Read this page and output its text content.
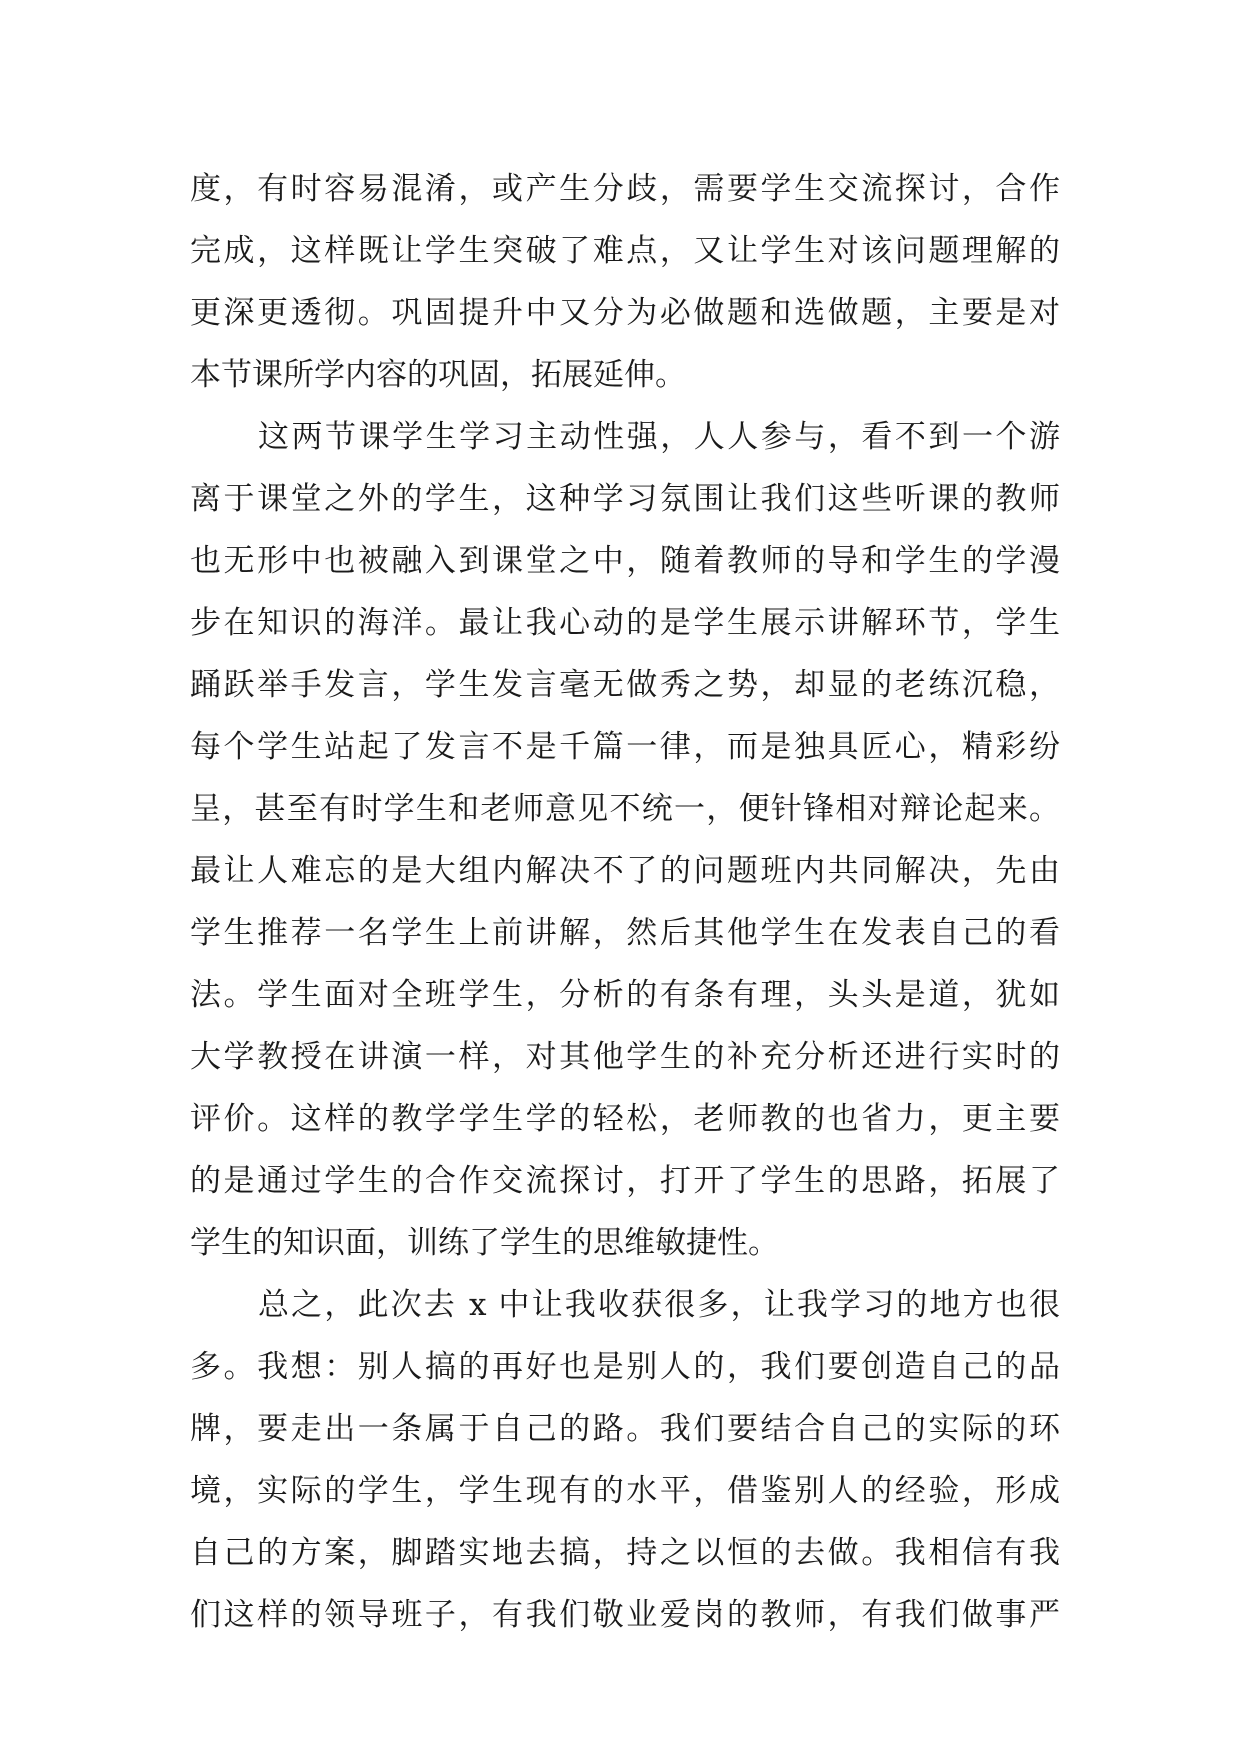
度，有时容易混淆，或产生分歧，需要学生交流探讨，合作
完成，这样既让学生突破了难点，又让学生对该问题理解的
更深更透彻。巩固提升中又分为必做题和选做题，主要是对
本节课所学内容的巩固，拓展延伸。
这两节课学生学习主动性强，人人参与，看不到一个游
离于课堂之外的学生，这种学习氛围让我们这些听课的教师
也无形中也被融入到课堂之中，随着教师的导和学生的学漫
步在知识的海洋。最让我心动的是学生展示讲解环节，学生
踊跃举手发言，学生发言毫无做秀之势，却显的老练沉稳，
每个学生站起了发言不是千篇一律，而是独具匠心，精彩纷
呈，甚至有时学生和老师意见不统一，便针锋相对辩论起来。
最让人难忘的是大组内解决不了的问题班内共同解决，先由
学生推荐一名学生上前讲解，然后其他学生在发表自己的看
法。学生面对全班学生，分析的有条有理，头头是道，犹如
大学教授在讲演一样，对其他学生的补充分析还进行实时的
评价。这样的教学学生学的轻松，老师教的也省力，更主要
的是通过学生的合作交流探讨，打开了学生的思路，拓展了
学生的知识面，训练了学生的思维敏捷性。
总之，此次去 x 中让我收获很多，让我学习的地方也很
多。我想：别人搞的再好也是别人的，我们要创造自己的品
牌，要走出一条属于自己的路。我们要结合自己的实际的环
境，实际的学生，学生现有的水平，借鉴别人的经验，形成
自己的方案，脚踏实地去搞，持之以恒的去做。我相信有我
们这样的领导班子，有我们敬业爱岗的教师，有我们做事严
